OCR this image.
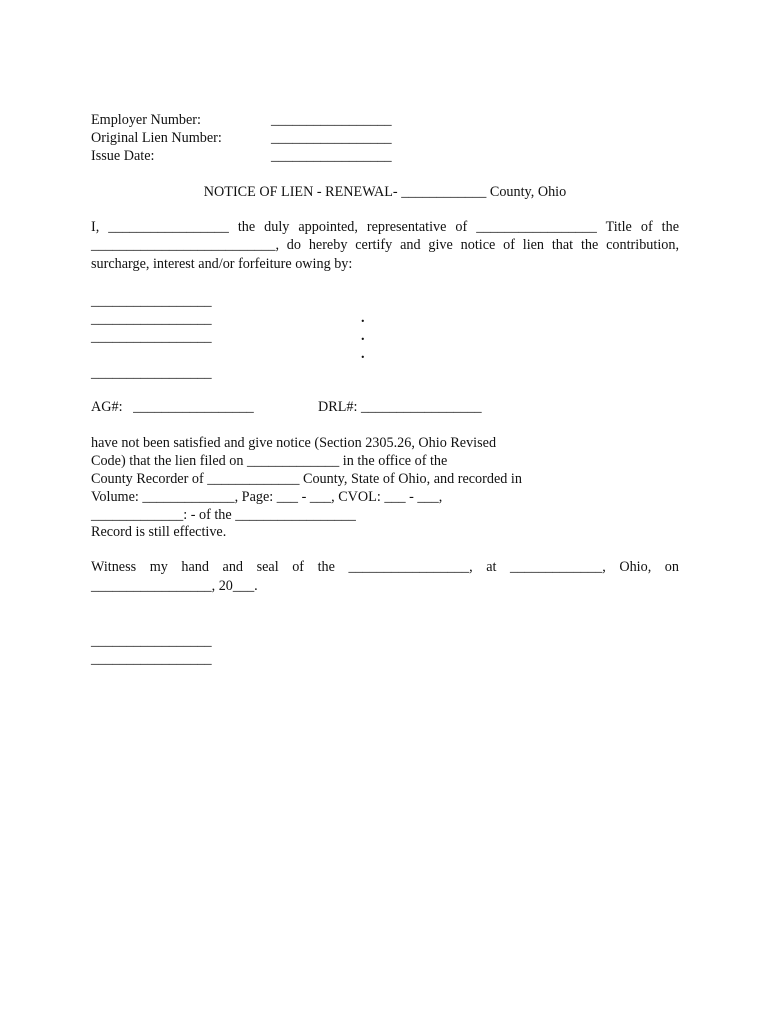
Employer Number:	_________________
Original Lien Number:	_________________
Issue Date:	_________________
NOTICE OF LIEN - RENEWAL- ____________ County, Ohio
I, _________________ the duly appointed, representative of _________________ Title of the
__________________________, do hereby certify and give notice of lien that the contribution,
surcharge, interest and/or forfeiture owing by:
_________________
_________________
_________________
_________________
.
.
.
AG#:   _________________	DRL#: _________________
have not been satisfied and give notice (Section 2305.26, Ohio Revised
Code) that the lien filed on _____________ in the office of the
County Recorder of _____________ County, State of Ohio, and recorded in
Volume: _____________, Page: ___ - ___, CVOL: ___ - ___,
_____________: - of the _________________
Record is still effective.
Witness my hand and seal of the _________________, at _____________, Ohio, on
_________________, 20___.
_________________
_________________
